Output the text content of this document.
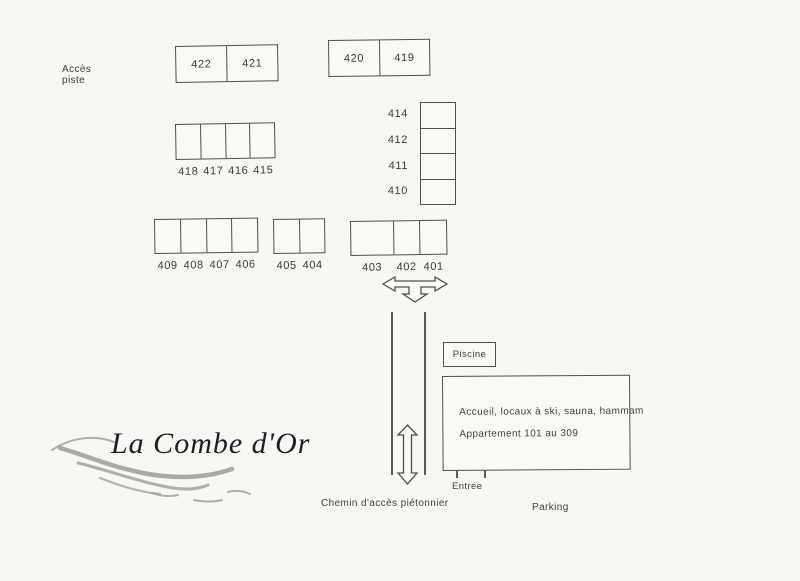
Accès
piste
422	421	420	419
414
412
411
410
418 417 416 415
409 408 407 406 405 404	403	402 401
Piscine
Accueil, locaux à ski, sauna, hammam
Appartement 101 au 309
Entrée
Parking
Chemin d'accès piétonnier
La Combe d'Or
